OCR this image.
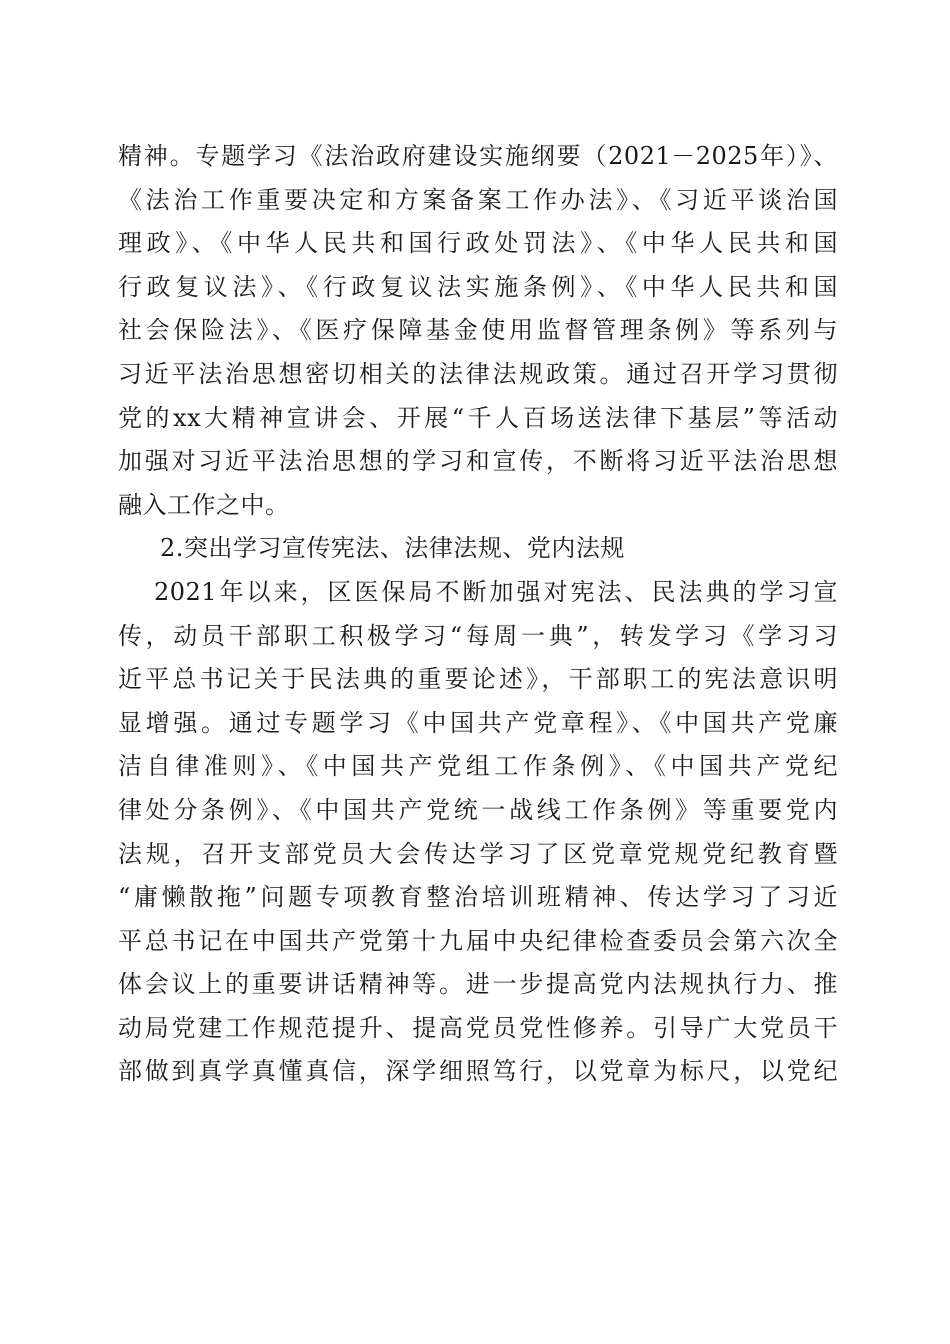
精神。专题学习《法治政府建设实施纲要（2021－2025年）》、
《法治工作重要决定和方案备案工作办法》、《习近平谈治国
理政》、《中华人民共和国行政处罚法》、《中华人民共和国
行政复议法》、《行政复议法实施条例》、《中华人民共和国
社会保险法》、《医疗保障基金使用监督管理条例》等系列与
习近平法治思想密切相关的法律法规政策。通过召开学习贯彻
党的xx大精神宣讲会、开展“千人百场送法律下基层”等活动
加强对习近平法治思想的学习和宣传，不断将习近平法治思想
融入工作之中。
2.突出学习宣传宪法、法律法规、党内法规
2021年以来，区医保局不断加强对宪法、民法典的学习宣
传，动员干部职工积极学习“每周一典”，转发学习《学习习
近平总书记关于民法典的重要论述》，干部职工的宪法意识明
显增强。通过专题学习《中国共产党章程》、《中国共产党廉
洁自律准则》、《中国共产党组工作条例》、《中国共产党纪
律处分条例》、《中国共产党统一战线工作条例》等重要党内
法规，召开支部党员大会传达学习了区党章党规党纪教育暨
“庸懒散拖”问题专项教育整治培训班精神、传达学习了习近
平总书记在中国共产党第十九届中央纪律检查委员会第六次全
体会议上的重要讲话精神等。进一步提高党内法规执行力、推
动局党建工作规范提升、提高党员党性修养。引导广大党员干
部做到真学真懂真信，深学细照笃行，以党章为标尺，以党纪
